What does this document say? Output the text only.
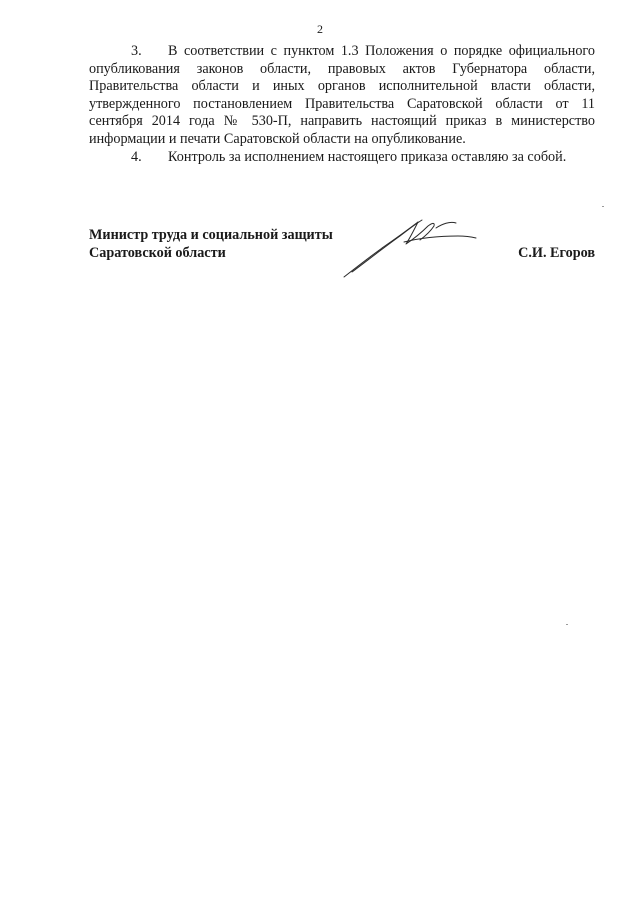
2

3. В соответствии с пунктом 1.3 Положения о порядке официального опубликования законов области, правовых актов Губернатора области, Правительства области и иных органов исполнительной власти области, утвержденного постановлением Правительства Саратовской области от 11 сентября 2014 года № 530-П, направить настоящий приказ в министерство информации и печати Саратовской области на опубликование.

4. Контроль за исполнением настоящего приказа оставляю за собой.

Министр труда и социальной защиты
Саратовской области	С.И. Егоров
